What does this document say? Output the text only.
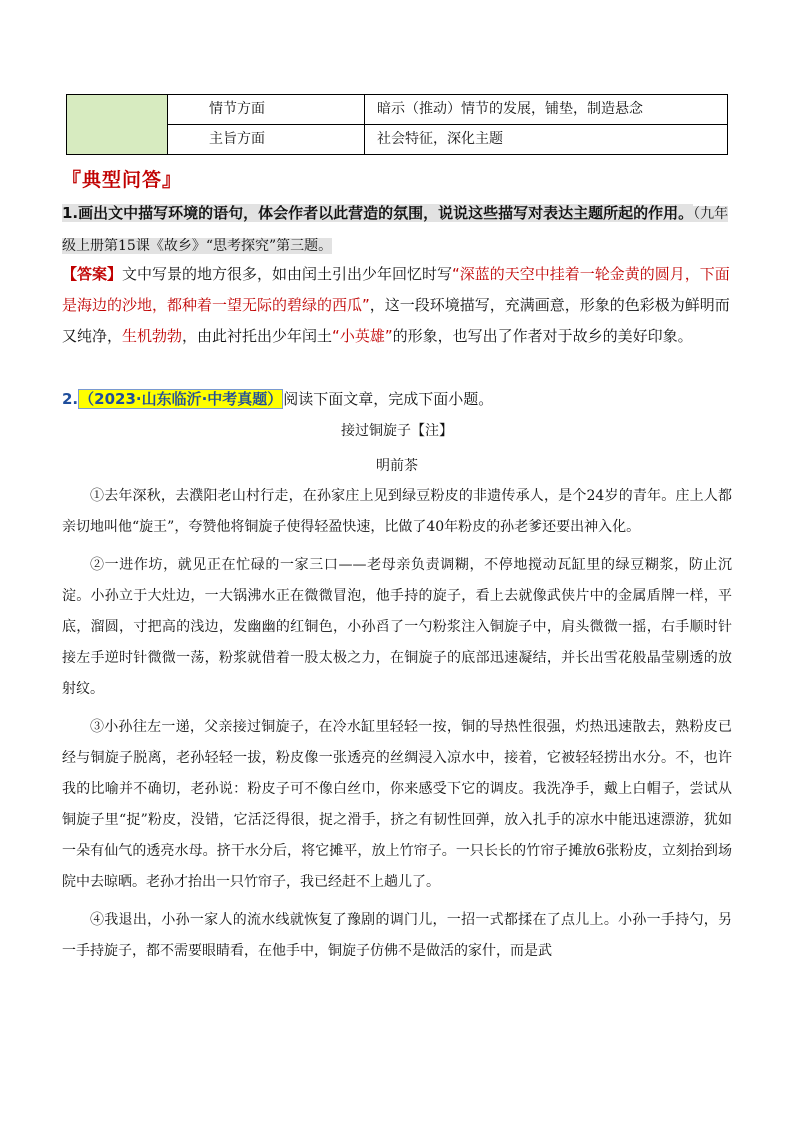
情节方面	暗示（推动）情节的发展，铺垫，制造悬念
主旨方面	社会特征，深化主题
『典型问答』
1.画出文中描写环境的语句，体会作者以此营造的氛围，说说这些描写对表达主题所起的作用。（九年级上册第15课《故乡》“思考探究”第三题。
【答案】文中写景的地方很多，如由闰土引出少年回忆时写“深蓝的天空中挂着一轮金黄的圆月，下面是海边的沙地，都种着一望无际的碧绿的西瓜”，这一段环境描写，充满画意，形象的色彩极为鲜明而又纯净，生机勃勃，由此衬托出少年闰土“小英雄”的形象，也写出了作者对于故乡的美好印象。
2.（2023·山东临沂·中考真题）阅读下面文章，完成下面小题。
接过铜旋子【注】
明前茶

①去年深秋，去濮阳老山村行走，在孙家庄上见到绿豆粉皮的非遗传承人，是个24岁的青年。庄上人都亲切地叫他“旋王”，夸赞他将铜旋子使得轻盈快速，比做了40年粉皮的孙老爹还要出神入化。

②一进作坊，就见正在忙碌的一家三口——老母亲负责调糊，不停地搅动瓦缸里的绿豆糊浆，防止沉淀。小孙立于大灶边，一大锅沸水正在微微冒泡，他手持的旋子，看上去就像武侠片中的金属盾牌一样，平底，溜圆，寸把高的浅边，发幽幽的红铜色，小孙舀了一勺粉浆注入铜旋子中，肩头微微一摇，右手顺时针接左手逆时针微微一荡，粉浆就借着一股太极之力，在铜旋子的底部迅速凝结，并长出雪花般晶莹剔透的放射纹。

③小孙往左一递，父亲接过铜旋子，在冷水缸里轻轻一按，铜的导热性很强，灼热迅速散去，熟粉皮已经与铜旋子脱离，老孙轻轻一拔，粉皮像一张透亮的丝绸浸入凉水中，接着，它被轻轻捞出水分。不，也许我的比喻并不确切，老孙说：粉皮子可不像白丝巾，你来感受下它的调皮。我洗净手，戴上白帽子，尝试从铜旋子里“捉”粉皮，没错，它活泛得很，捉之滑手，挤之有韧性回弹，放入扎手的凉水中能迅速漂游，犹如一朵有仙气的透亮水母。挤干水分后，将它摊平，放上竹帘子。一只长长的竹帘子摊放6张粉皮，立刻抬到场院中去晾晒。老孙才抬出一只竹帘子，我已经赶不上趟儿了。

④我退出，小孙一家人的流水线就恢复了豫剧的调门儿，一招一式都揉在了点儿上。小孙一手持勺，另一手持旋子，都不需要眼睛看，在他手中，铜旋子仿佛不是做活的家什，而是武
